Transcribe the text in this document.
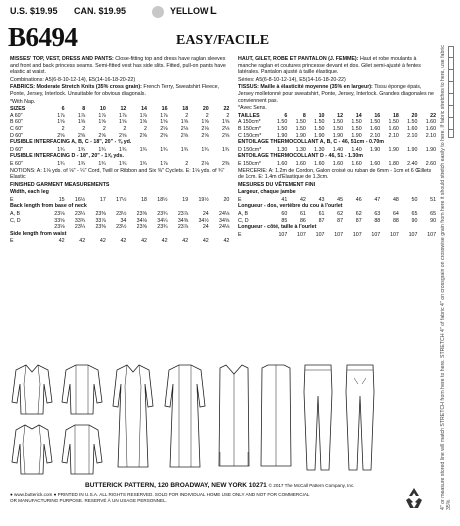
U.S. $19.95 CAN. $19.95	YELLOW L
B6494	EASY/FACILE

MISSES' TOP, VEST, DRESS AND PANTS: Close-fitting top and dress have raglan sleeves and front and back princess seams. Semi-fitted vest has side slits. Fitted, pull-on pants have elastic at waist.

Combinations: A5(6-8-10-12-14), E5(14-16-18-20-22)

FABRICS: Moderate Stretch Knits (35% cross grain): French Terry, Sweatshirt Fleece, Ponte, Jersey, Interlock. Unsuitable for obvious diagonals.

*With Nap.

SIZES	6	8	10	12	14	16	18	20	22
A 60"	1⅞	1⅞	1⅞	1⅞	1⅞	1⅞	2	2	2
B 60"	1⅝	1⅝	1⅝	1⅝	1⅝	1⅝	1⅝	1⅝	1⅝
C 60"	2	2	2	2	2	2⅛	2⅛	2⅛	2⅛
D 60"	2⅝	2⅝	2⅝	2⅝	2⅝	2⅝	2⅝	2⅝	2⅝

FUSIBLE INTERFACING A, B, C - 18", 20" - ⅜ yd.

D 60"	1¾	1¾	1¾	1¾	1¾	1¾	1¾	1¾	1¾

FUSIBLE INTERFACING D - 18", 20" - 1⅝ yds.

E 60"	1¾	1¾	1¾	1¾	1¾	1⅞	2	2⅛	2⅜

NOTIONS: A: 1⅛ yds. of ⅛" - ¼" Cord, Twill or Ribbon and Six ⅜" Cyclets. E: 1⅛ yds. of ¾" Elastic

FINISHED GARMENT MEASUREMENTS

Width, each leg

E	15	16½	17	17½	18	18½	19	19½	20

Back length from base of neck

A, B	23⅛	23¼	23⅜	23½	23⅝	23¾	23⅞	24	24⅛
C, D	33⅝	33¾	33⅞	34	34⅛	34¼	34⅜	34½	34⅝
23⅛	23¼	23⅜	23½	23⅝	23¾	23⅞	24	24⅛

Side length from waist

E	42	42	42	42	42	42	42	42	42

HAUT, GILET, ROBE ET PANTALON (J. FEMME): Haut et robe moulants à manche raglan et coutures princesse devant et dos. Gilet semi-ajusté à fentes latérales. Pantalon ajusté à taille élastique.

Séries: A5(6-8-10-12-14), E5(14-16-18-20-22)

TISSUS: Maille à élasticité moyenne (35% en largeur): Tissu éponge épais, Jersey molletonné pour sweatshirt, Ponte, Jersey, Interlock. Grandes diagonales ne conviennent pas.

*Avec Sens.

TAILLES	6	8	10	12	14	16	18	20	22
A 150cm*	1.50	1.50	1.50	1.50	1.50	1.50	1.50	1.50	1.60
B 150cm*	1.50	1.50	1.50	1.50	1.50	1.60	1.60	1.60	1.60
C 150cm*	1.90	1.90	1.90	1.90	1.90	2.10	2.10	2.10	2.10

ENTOILAGE THERMOCOLLANT A, B, C - 46, 51cm - 0.70m

D 150cm*	1.30	1.30	1.30	1.40	1.40	1.90	1.90	1.90	1.90

ENTOILAGE THERMOCOLLANT D - 46, 51 - 1.30m

E 150cm*	1.60	1.60	1.60	1.60	1.60	1.60	1.80	2.40	2.60

MERCERIE: A: 1.2m de Cordon, Galon croisé ou ruban de 6mm - 1cm et 6 Œillets de 1cm. E: 1.4m d'Élastique de 1.3cm.

MESURES DU VÊTEMENT FINI

Largeur, chaque jambe

E	41	42	43	45	46	47	48	50	51

Longueur - dos, vertèbre du cou à l'ourlet

A, B	60	61	61	62	62	63	64	65	65
C, D	85	86	87	87	87	88	88	90	90

Longueur - côté, taille à l'ourlet

E	107	107	107	107	107	107	107	107	107 4" or measure stored line will match STRETCH from here to here. STRETCH 4" of fabric 4" on crossgrain on crosswise grain from here it should stretch easily to here. If fabric stretches to here, use fabric 35%
BUTTERICK PATTERN, 120 BROADWAY, NEW YORK 10271 © 2017 The McCall Pattern Company, Inc.
● www.butterick.com ● PRINTED IN U.S.A. ALL RIGHTS RESERVED. SOLD FOR INDIVIDUAL HOME USE ONLY AND NOT FOR COMMERCIAL
OR MANUFACTURING PURPOSE. RESERVÉ À UN USAGE PERSONNEL.
